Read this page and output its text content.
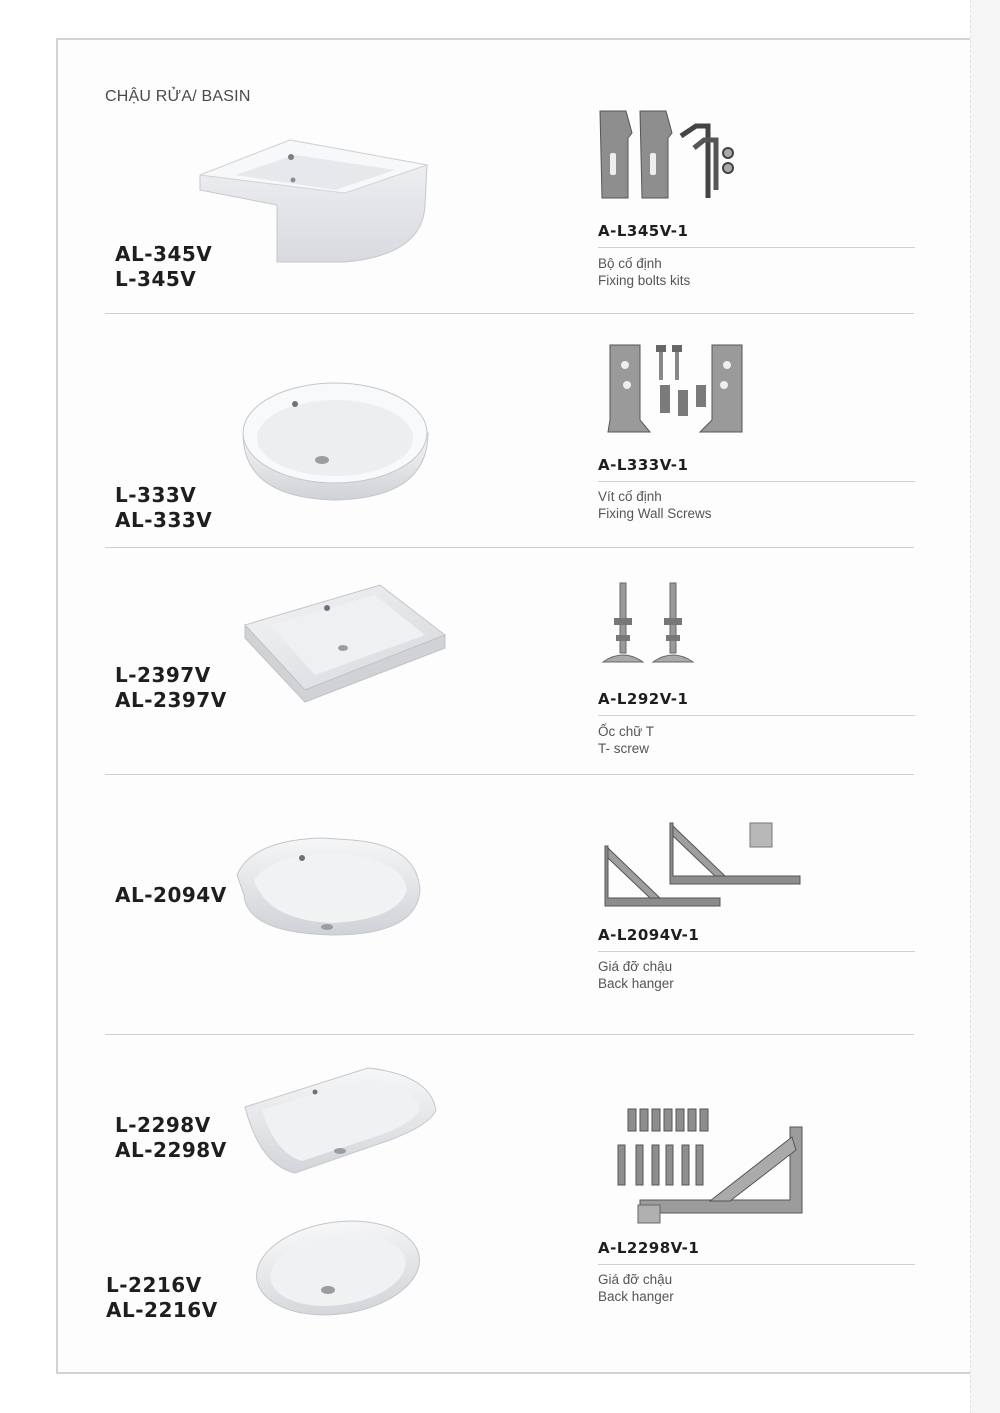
CHẬU RỬA/ BASIN
AL-345V
L-345V
A-L345V-1
Bộ cố định
Fixing bolts kits
L-333V
AL-333V
A-L333V-1
Vít cố định
Fixing Wall Screws
L-2397V
AL-2397V	A-L292V-1
Ốc chữ T
T- screw
AL-2094V
A-L2094V-1
Giá đỡ chậu
Back hanger
L-2298V
AL-2298V
L-2216V
AL-2216V
A-L2298V-1
Giá đỡ chậu
Back hanger
